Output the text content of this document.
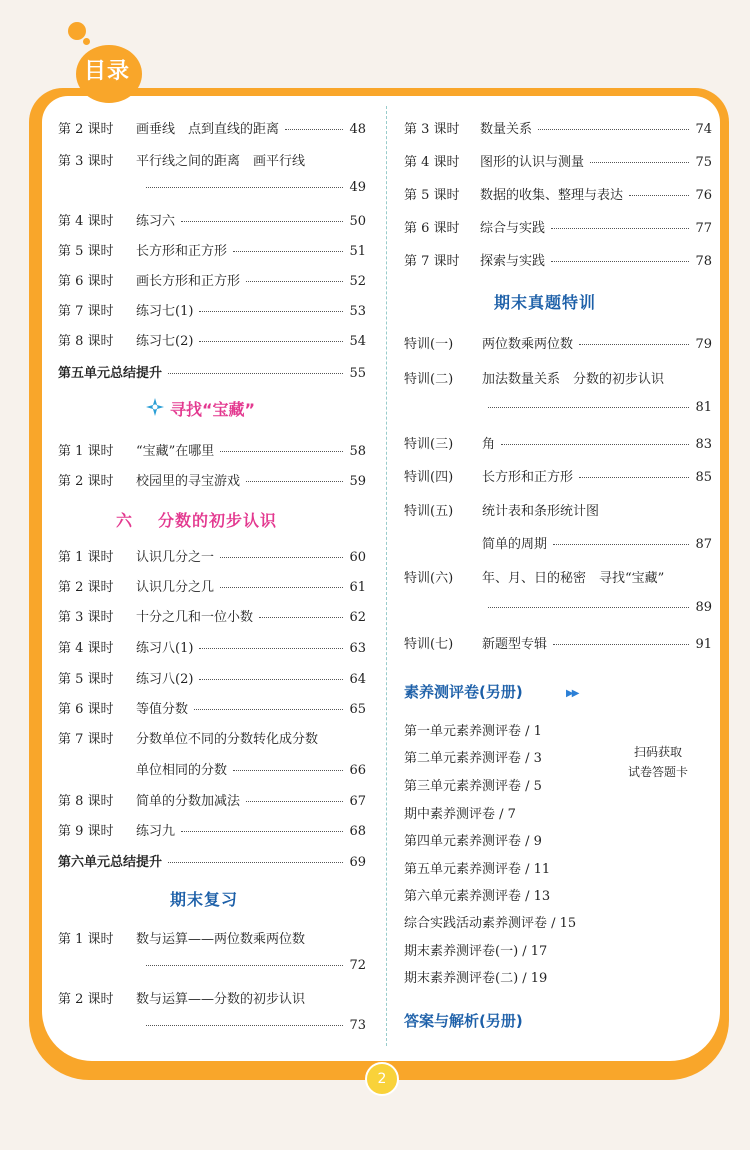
目录
第 2 课时	画垂线　点到直线的距离	48
第 3 课时	平行线之间的距离　画平行线
49
第 4 课时	练习六	50
第 5 课时	长方形和正方形	51
第 6 课时	画长方形和正方形	52
第 7 课时	练习七(1)	53
第 8 课时	练习七(2)	54
第五单元总结提升	55
寻找“宝藏”
第 1 课时	“宝藏”在哪里	58
第 2 课时	校园里的寻宝游戏	59
六 分数的初步认识
第 1 课时	认识几分之一	60
第 2 课时	认识几分之几	61
第 3 课时	十分之几和一位小数	62
第 4 课时	练习八(1)	63
第 5 课时	练习八(2)	64
第 6 课时	等值分数	65
第 7 课时	分数单位不同的分数转化成分数
单位相同的分数	66
第 8 课时	简单的分数加减法	67
第 9 课时	练习九	68
第六单元总结提升	69
期末复习
第 1 课时	数与运算——两位数乘两位数
72
第 2 课时	数与运算——分数的初步认识
73
第 3 课时	数量关系	74
第 4 课时	图形的认识与测量	75
第 5 课时	数据的收集、整理与表达	76
第 6 课时	综合与实践	77
第 7 课时	探索与实践	78
期末真题特训
特训(一)	两位数乘两位数	79
特训(二)	加法数量关系　分数的初步认识
81
特训(三)	角	83
特训(四)	长方形和正方形	85
特训(五)	统计表和条形统计图
简单的周期	87
特训(六)	年、月、日的秘密　寻找“宝藏”
89
特训(七)	新题型专辑	91
素养测评卷(另册)	▶▶
第一单元素养测评卷 / 1
第二单元素养测评卷 / 3
第三单元素养测评卷 / 5
期中素养测评卷 / 7
第四单元素养测评卷 / 9
第五单元素养测评卷 / 11
第六单元素养测评卷 / 13
综合实践活动素养测评卷 / 15
期末素养测评卷(一) / 17
期末素养测评卷(二) / 19
扫码获取
试卷答题卡
答案与解析(另册)
2
